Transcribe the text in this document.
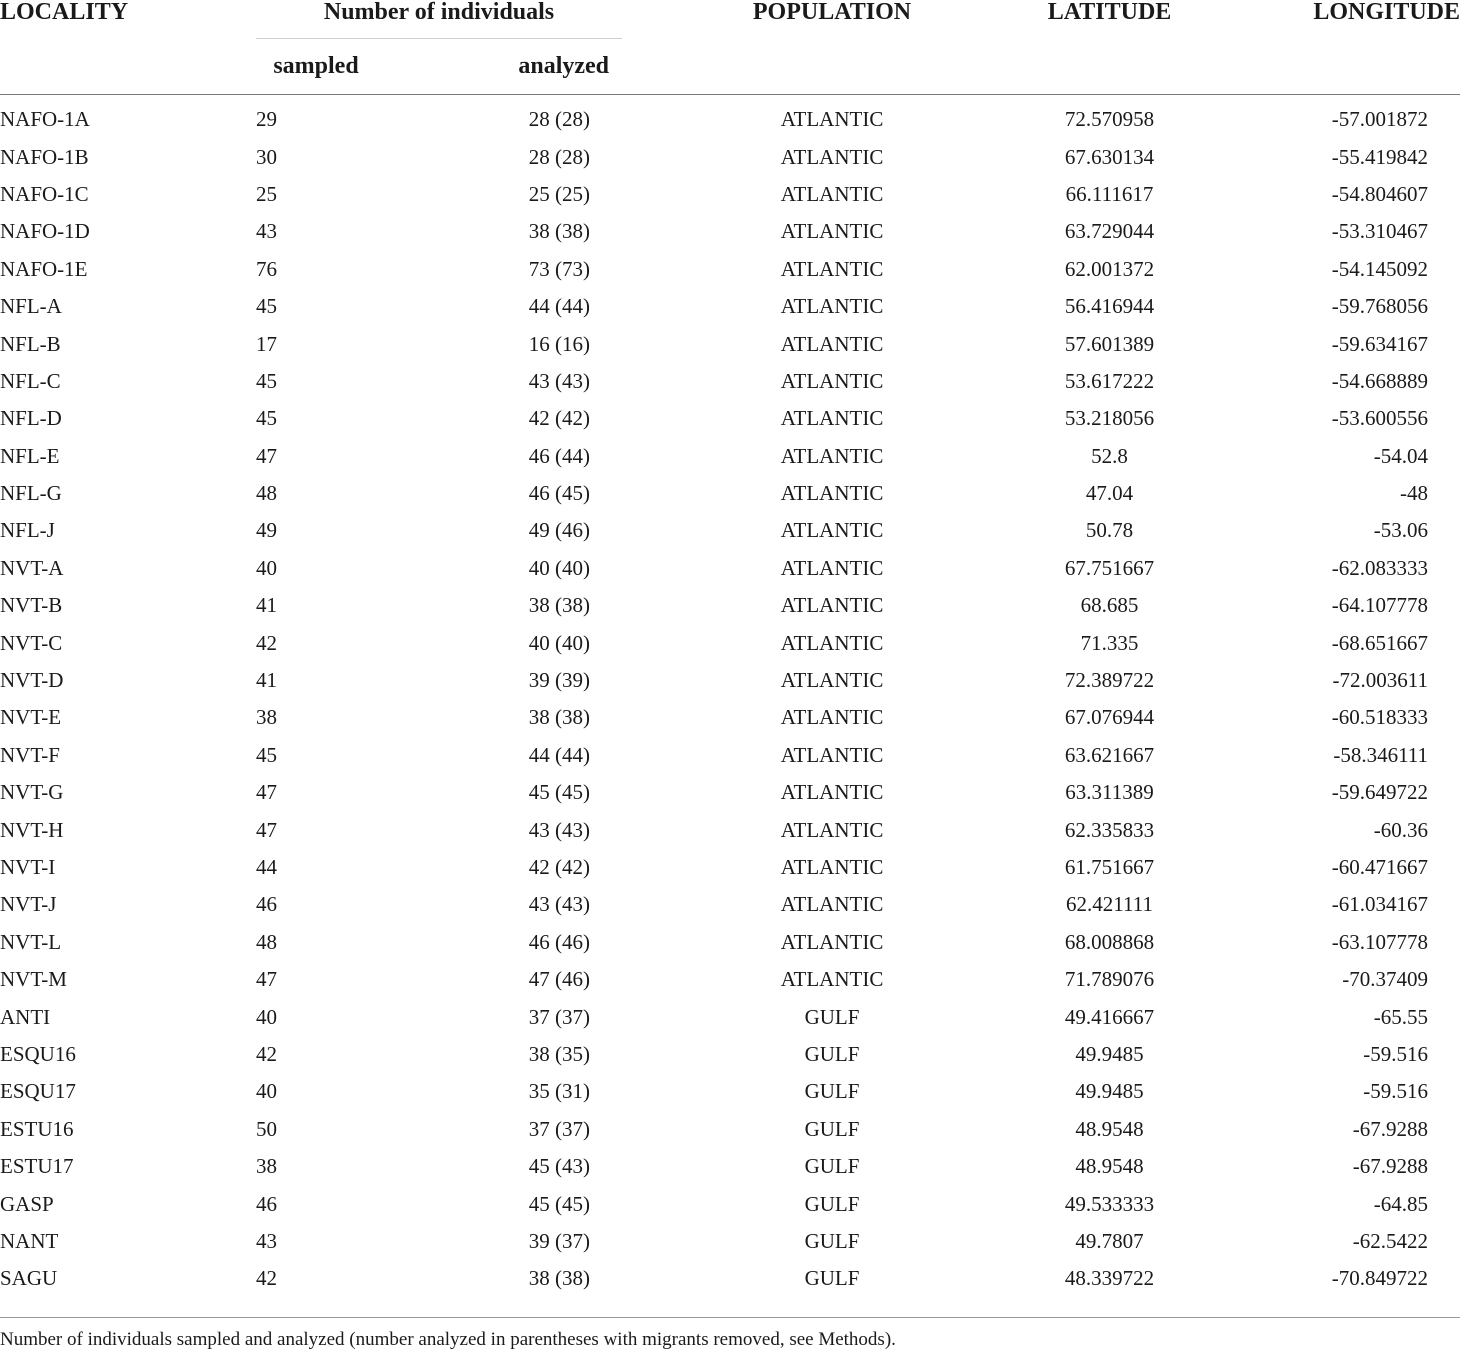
LOCALITY	Number of individuals		POPULATION	LATITUDE	LONGITUDE
	sampled	analyzed			
NAFO-1A	29	28 (28)	ATLANTIC	72.570958	-57.001872
NAFO-1B	30	28 (28)	ATLANTIC	67.630134	-55.419842
NAFO-1C	25	25 (25)	ATLANTIC	66.111617	-54.804607
NAFO-1D	43	38 (38)	ATLANTIC	63.729044	-53.310467
NAFO-1E	76	73 (73)	ATLANTIC	62.001372	-54.145092
NFL-A	45	44 (44)	ATLANTIC	56.416944	-59.768056
NFL-B	17	16 (16)	ATLANTIC	57.601389	-59.634167
NFL-C	45	43 (43)	ATLANTIC	53.617222	-54.668889
NFL-D	45	42 (42)	ATLANTIC	53.218056	-53.600556
NFL-E	47	46 (44)	ATLANTIC	52.8	-54.04
NFL-G	48	46 (45)	ATLANTIC	47.04	-48
NFL-J	49	49 (46)	ATLANTIC	50.78	-53.06
NVT-A	40	40 (40)	ATLANTIC	67.751667	-62.083333
NVT-B	41	38 (38)	ATLANTIC	68.685	-64.107778
NVT-C	42	40 (40)	ATLANTIC	71.335	-68.651667
NVT-D	41	39 (39)	ATLANTIC	72.389722	-72.003611
NVT-E	38	38 (38)	ATLANTIC	67.076944	-60.518333
NVT-F	45	44 (44)	ATLANTIC	63.621667	-58.346111
NVT-G	47	45 (45)	ATLANTIC	63.311389	-59.649722
NVT-H	47	43 (43)	ATLANTIC	62.335833	-60.36
NVT-I	44	42 (42)	ATLANTIC	61.751667	-60.471667
NVT-J	46	43 (43)	ATLANTIC	62.421111	-61.034167
NVT-L	48	46 (46)	ATLANTIC	68.008868	-63.107778
NVT-M	47	47 (46)	ATLANTIC	71.789076	-70.37409
ANTI	40	37 (37)	GULF	49.416667	-65.55
ESQU16	42	38 (35)	GULF	49.9485	-59.516
ESQU17	40	35 (31)	GULF	49.9485	-59.516
ESTU16	50	37 (37)	GULF	48.9548	-67.9288
ESTU17	38	45 (43)	GULF	48.9548	-67.9288
GASP	46	45 (45)	GULF	49.533333	-64.85
NANT	43	39 (37)	GULF	49.7807	-62.5422
SAGU	42	38 (38)	GULF	48.339722	-70.849722
Number of individuals sampled and analyzed (number analyzed in parentheses with migrants removed, see Methods).
